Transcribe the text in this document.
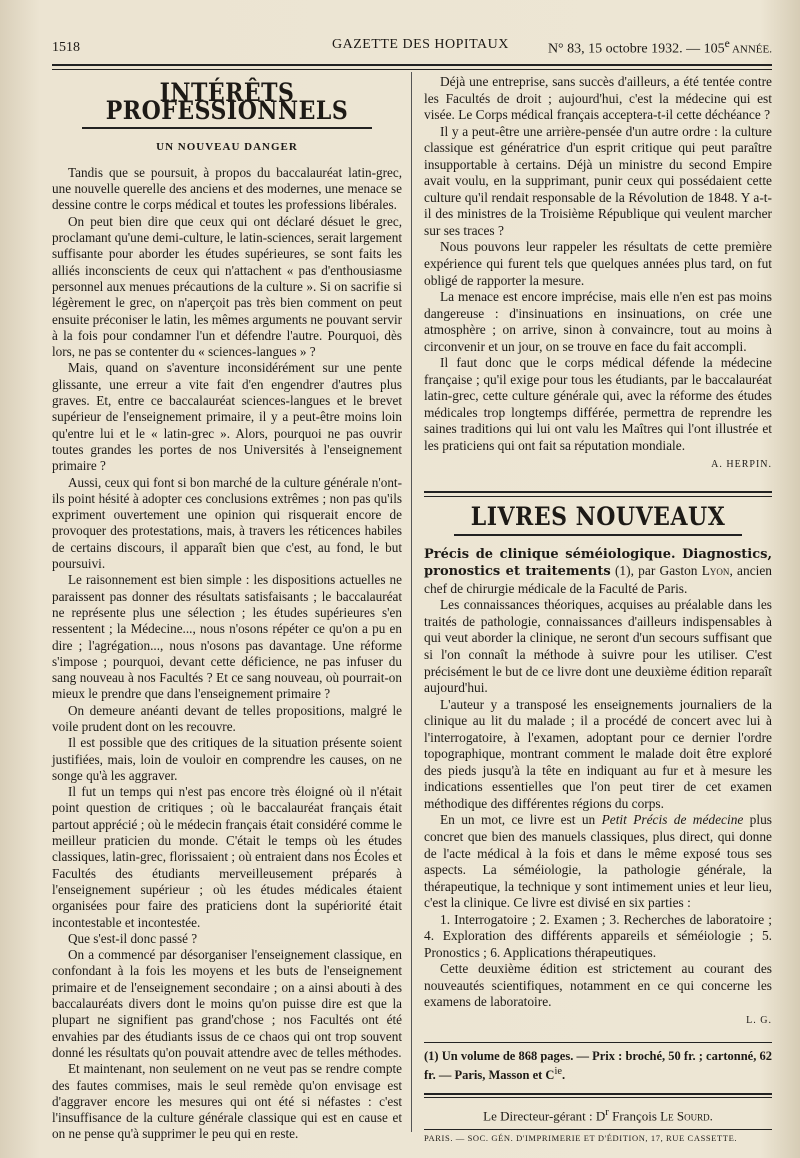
1518	GAZETTE DES HOPITAUX	N° 83, 15 octobre 1932. — 105e ANNÉE.
INTÉRÊTS PROFESSIONNELS
UN NOUVEAU DANGER

Tandis que se poursuit, à propos du baccalauréat latin-grec, une nouvelle querelle des anciens et des modernes, une menace se dessine contre le corps médical et toutes les professions libérales.

On peut bien dire que ceux qui ont déclaré désuet le grec, proclamant qu'une demi-culture, le latin-sciences, serait largement suffisante pour aborder les études supérieures, se sont faits les alliés inconscients de ceux qui n'attachent « pas d'enthousiasme personnel aux menues précautions de la culture ». Si on sacrifie si légèrement le grec, on n'aperçoit pas très bien comment on peut ensuite préconiser le latin, les mêmes arguments ne pouvant servir à la fois pour condamner l'un et défendre l'autre. Pourquoi, dès lors, ne pas se contenter du « sciences-langues » ?

Mais, quand on s'aventure inconsidérément sur une pente glissante, une erreur a vite fait d'en engendrer d'autres plus graves. Et, entre ce baccalauréat sciences-langues et le brevet supérieur de l'enseignement primaire, il y a peut-être moins loin qu'entre lui et le « latin-grec ». Alors, pourquoi ne pas ouvrir toutes grandes les portes de nos Universités à l'enseignement primaire ?

Aussi, ceux qui font si bon marché de la culture générale n'ont-ils point hésité à adopter ces conclusions extrêmes ; non pas qu'ils expriment ouvertement une opinion qui risquerait encore de provoquer des protestations, mais, à travers les réticences habiles de certains discours, il apparaît bien que c'est, au fond, le but poursuivi.

Le raisonnement est bien simple : les dispositions actuelles ne paraissent pas donner des résultats satisfaisants ; le baccalauréat ne représente plus une sélection ; les études supérieures s'en ressentent ; la Médecine..., nous n'osons répéter ce qu'on a pu en dire ; l'agrégation..., nous n'osons pas davantage. Une réforme s'impose ; pourquoi, devant cette déficience, ne pas infuser du sang nouveau à nos Facultés ? Et ce sang nouveau, où pourrait-on mieux le prendre que dans l'enseignement primaire ?

On demeure anéanti devant de telles propositions, malgré le voile prudent dont on les recouvre.

Il est possible que des critiques de la situation présente soient justifiées, mais, loin de vouloir en comprendre les causes, on ne songe qu'à les aggraver.

Il fut un temps qui n'est pas encore très éloigné où il n'était point question de critiques ; où le baccalauréat français était partout apprécié ; où le médecin français était considéré comme le meilleur praticien du monde. C'était le temps où les études classiques, latin-grec, florissaient ; où entraient dans nos Écoles et Facultés des étudiants merveilleusement préparés à l'enseignement supérieur ; où les études médicales étaient organisées pour faire des praticiens dont la supériorité était incontestable et incontestée.

Que s'est-il donc passé ?

On a commencé par désorganiser l'enseignement classique, en confondant à la fois les moyens et les buts de l'enseignement primaire et de l'enseignement secondaire ; on a ainsi abouti à des baccalauréats divers dont le moins qu'on puisse dire est que la plupart ne signifient pas grand'chose ; nos Facultés ont été envahies par des étudiants issus de ce chaos qui ont trop souvent donné les résultats qu'on pouvait attendre avec de telles méthodes.

Et maintenant, non seulement on ne veut pas se rendre compte des fautes commises, mais le seul remède qu'on envisage est d'aggraver encore les mesures qui ont été si néfastes : c'est l'insuffisance de la culture générale classique qui est en cause et on ne pense qu'à supprimer le peu qui en reste.

Déjà une entreprise, sans succès d'ailleurs, a été tentée contre les Facultés de droit ; aujourd'hui, c'est la médecine qui est visée. Le Corps médical français acceptera-t-il cette déchéance ?

Il y a peut-être une arrière-pensée d'un autre ordre : la culture classique est génératrice d'un esprit critique qui peut paraître insupportable à certains. Déjà un ministre du second Empire avait voulu, en la supprimant, punir ceux qui possédaient cette culture qu'il rendait responsable de la Révolution de 1848. Y a-t-il des ministres de la Troisième République qui veulent marcher sur ses traces ?

Nous pouvons leur rappeler les résultats de cette première expérience qui furent tels que quelques années plus tard, on fut obligé de rapporter la mesure.

La menace est encore imprécise, mais elle n'en est pas moins dangereuse : d'insinuations en insinuations, on crée une atmosphère ; on arrive, sinon à convaincre, tout au moins à circonvenir et un jour, on se trouve en face du fait accompli.

Il faut donc que le corps médical défende la médecine française ; qu'il exige pour tous les étudiants, par le baccalauréat latin-grec, cette culture générale qui, avec la réforme des études médicales trop longtemps différée, permettra de reprendre les saines traditions qui lui ont valu les Maîtres qui l'ont illustrée et les praticiens qui ont fait sa réputation mondiale.

A. HERPIN.
LIVRES NOUVEAUX

Précis de clinique séméiologique. Diagnostics, pronostics et traitements (1), par Gaston Lyon, ancien chef de chirurgie médicale de la Faculté de Paris.

Les connaissances théoriques, acquises au préalable dans les traités de pathologie, connaissances d'ailleurs indispensables à qui veut aborder la clinique, ne seront d'un secours suffisant que si l'on connaît la méthode à suivre pour les utiliser. C'est précisément le but de ce livre dont une deuxième édition reparaît aujourd'hui.

L'auteur y a transposé les enseignements journaliers de la clinique au lit du malade ; il a procédé de concert avec lui à l'interrogatoire, à l'examen, adoptant pour ce dernier l'ordre topographique, montrant comment le malade doit être exploré des pieds jusqu'à la tête en indiquant au fur et à mesure les indications essentielles que l'on peut tirer de cet examen méthodique des différentes régions du corps.

En un mot, ce livre est un Petit Précis de médecine plus concret que bien des manuels classiques, plus direct, qui donne de l'acte médical à la fois et dans le même exposé tous ses aspects. La séméiologie, la pathologie générale, la thérapeutique, la technique y sont intimement unies et leur lieu, c'est la clinique. Ce livre est divisé en six parties :

1. Interrogatoire ; 2. Examen ; 3. Recherches de laboratoire ; 4. Exploration des différents appareils et séméiologie ; 5. Pronostics ; 6. Applications thérapeutiques.

Cette deuxième édition est strictement au courant des nouveautés scientifiques, notamment en ce qui concerne les examens de laboratoire.

L. G.

(1) Un volume de 868 pages. — Prix : broché, 50 fr. ; cartonné, 62 fr. — Paris, Masson et $C^{ie}$.

Le Directeur-gérant : $D^r$ François Le Sourd.

PARIS. — SOC. GÉN. D'IMPRIMERIE ET D'ÉDITION, 17, RUE CASSETTE.
